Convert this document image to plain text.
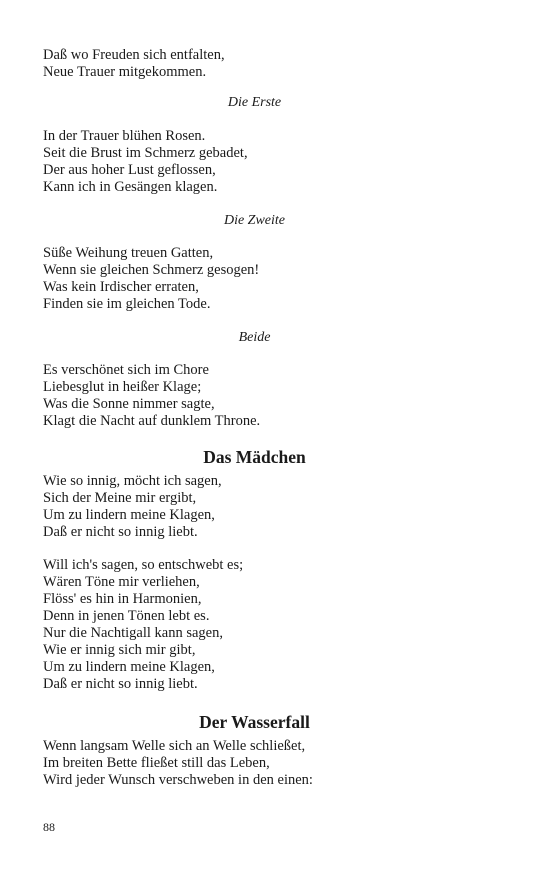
Daß wo Freuden sich entfalten,
Neue Trauer mitgekommen.
Die Erste
In der Trauer blühen Rosen.
Seit die Brust im Schmerz gebadet,
Der aus hoher Lust geflossen,
Kann ich in Gesängen klagen.
Die Zweite
Süße Weihung treuen Gatten,
Wenn sie gleichen Schmerz gesogen!
Was kein Irdischer erraten,
Finden sie im gleichen Tode.
Beide
Es verschönet sich im Chore
Liebesglut in heißer Klage;
Was die Sonne nimmer sagte,
Klagt die Nacht auf dunklem Throne.
Das Mädchen
Wie so innig, möcht ich sagen,
Sich der Meine mir ergibt,
Um zu lindern meine Klagen,
Daß er nicht so innig liebt.
Will ich's sagen, so entschwebt es;
Wären Töne mir verliehen,
Flöss' es hin in Harmonien,
Denn in jenen Tönen lebt es.
Nur die Nachtigall kann sagen,
Wie er innig sich mir gibt,
Um zu lindern meine Klagen,
Daß er nicht so innig liebt.
Der Wasserfall
Wenn langsam Welle sich an Welle schließet,
Im breiten Bette fließet still das Leben,
Wird jeder Wunsch verschweben in den einen:
88
